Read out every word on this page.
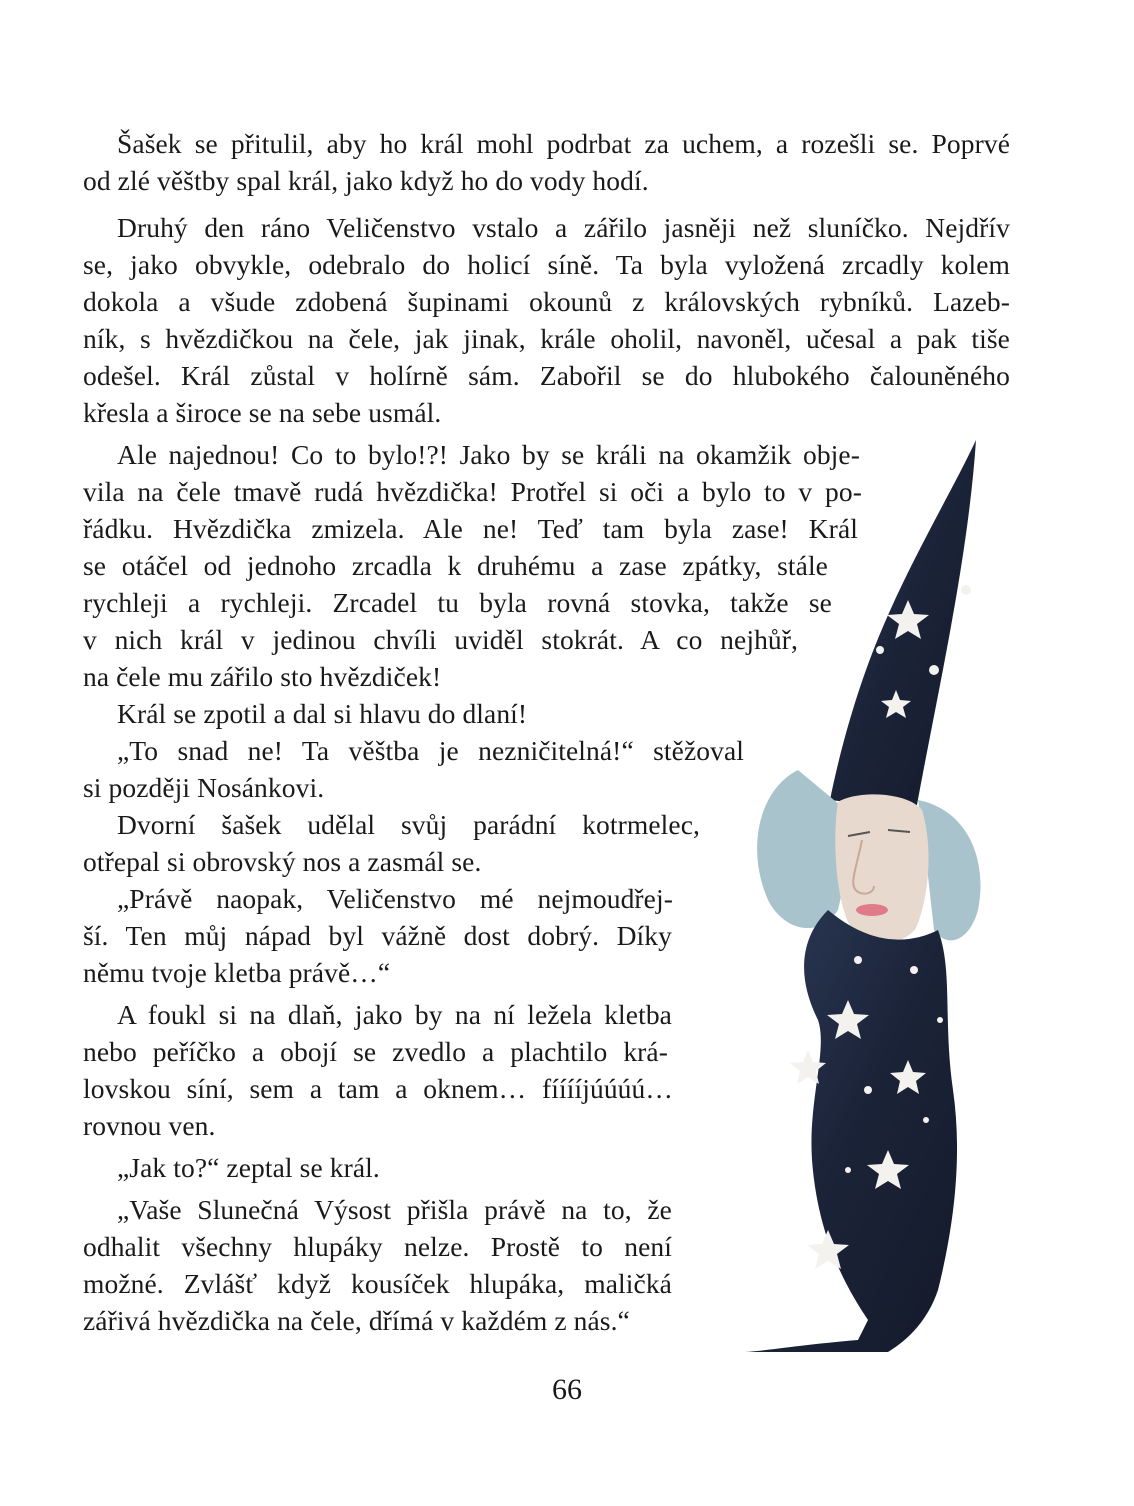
Šašek se přitulil, aby ho král mohl podrbat za uchem, a rozešli se. Poprvé
od zlé věštby spal král, jako když ho do vody hodí.
Druhý den ráno Veličenstvo vstalo a zářilo jasněji než sluníčko. Nejdřív
se, jako obvykle, odebralo do holicí síně. Ta byla vyložená zrcadly kolem
dokola a všude zdobená šupinami okounů z královských rybníků. Lazeb-
ník, s hvězdičkou na čele, jak jinak, krále oholil, navoněl, učesal a pak tiše
odešel. Král zůstal v holírně sám. Zabořil se do hlubokého čalouněného
křesla a široce se na sebe usmál.
Ale najednou! Co to bylo!?! Jako by se králi na okamžik obje-
vila na čele tmavě rudá hvězdička! Protřel si oči a bylo to v po-
řádku. Hvězdička zmizela. Ale ne! Teď tam byla zase! Král
se otáčel od jednoho zrcadla k druhému a zase zpátky, stále
rychleji a rychleji. Zrcadel tu byla rovná stovka, takže se
v nich král v jedinou chvíli uviděl stokrát. A co nejhůř,
na čele mu zářilo sto hvězdiček!
Král se zpotil a dal si hlavu do dlaní!
„To snad ne! Ta věštba je nezničitelná!“ stěžoval
si později Nosánkovi.
Dvorní šašek udělal svůj parádní kotrmelec,
otřepal si obrovský nos a zasmál se.
„Právě naopak, Veličenstvo mé nejmoudřej-
ší. Ten můj nápad byl vážně dost dobrý. Díky
němu tvoje kletba právě…“
A foukl si na dlaň, jako by na ní ležela kletba
nebo peříčko a obojí se zvedlo a plachtilo krá-
lovskou síní, sem a tam a oknem… fííííjúúúú…
rovnou ven.
„Jak to?“ zeptal se král.
„Vaše Slunečná Výsost přišla právě na to, že
odhalit všechny hlupáky nelze. Prostě to není
možné. Zvlášť když kousíček hlupáka, maličká
zářivá hvězdička na čele, dřímá v každém z nás.“
66
